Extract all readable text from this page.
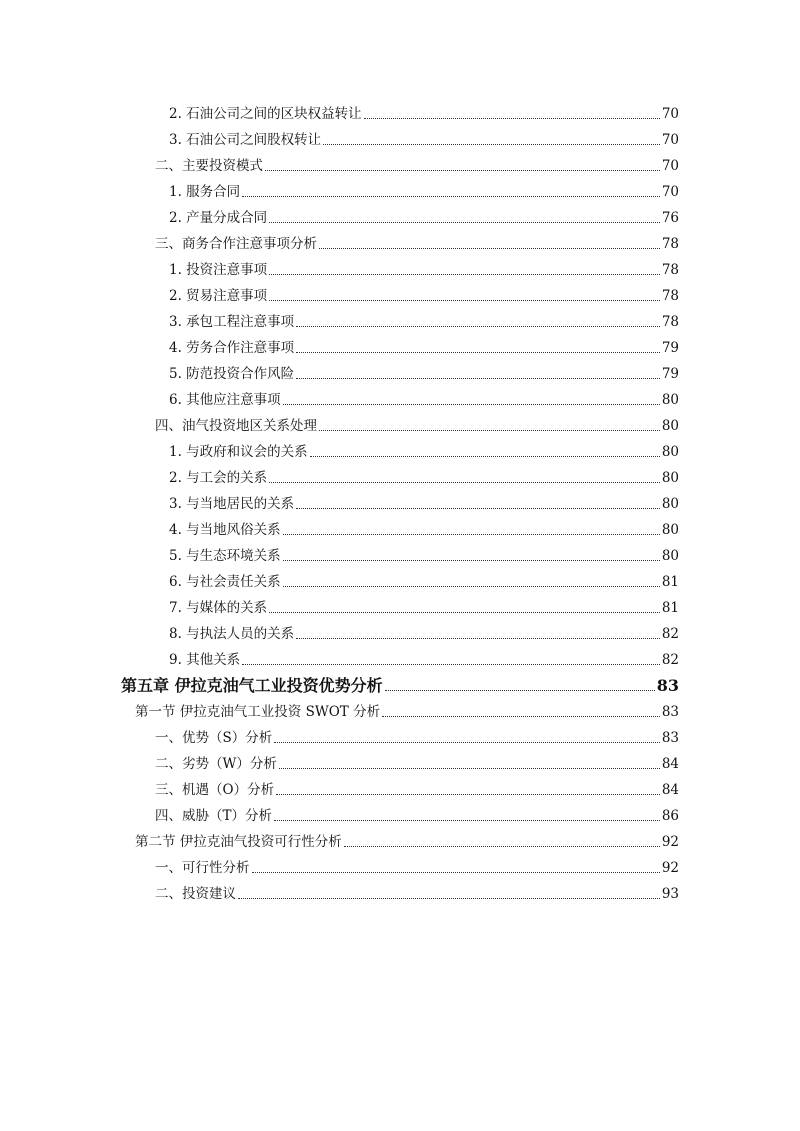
2. 石油公司之间的区块权益转让	70
3. 石油公司之间股权转让	70
二、主要投资模式	70
1. 服务合同	70
2. 产量分成合同	76
三、商务合作注意事项分析	78
1. 投资注意事项	78
2. 贸易注意事项	78
3. 承包工程注意事项	78
4. 劳务合作注意事项	79
5. 防范投资合作风险	79
6. 其他应注意事项	80
四、油气投资地区关系处理	80
1. 与政府和议会的关系	80
2. 与工会的关系	80
3. 与当地居民的关系	80
4. 与当地风俗关系	80
5. 与生态环境关系	80
6. 与社会责任关系	81
7. 与媒体的关系	81
8. 与执法人员的关系	82
9. 其他关系	82
第五章 伊拉克油气工业投资优势分析	83
第一节 伊拉克油气工业投资 SWOT 分析	83
一、优势（S）分析	83
二、劣势（W）分析	84
三、机遇（O）分析	84
四、威胁（T）分析	86
第二节 伊拉克油气投资可行性分析	92
一、可行性分析	92
二、投资建议	93
